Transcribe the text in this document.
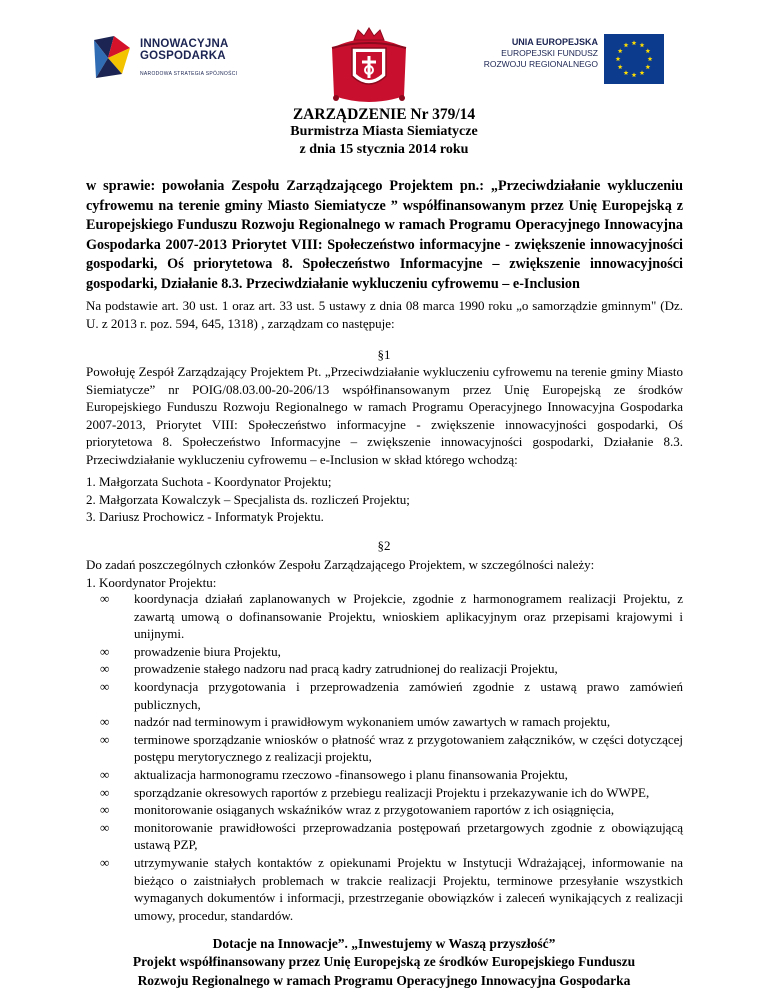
INNOWACYJNA
GOSPODARKA
NARODOWA STRATEGIA SPÓJNOŚCI
UNIA EUROPEJSKA
EUROPEJSKI FUNDUSZ
ROZWOJU REGIONALNEGO
ZARZĄDZENIE Nr 379/14
Burmistrza Miasta Siemiatycze
z dnia 15 stycznia 2014 roku
w sprawie: powołania Zespołu Zarządzającego Projektem pn.: „Przeciwdziałanie wykluczeniu cyfrowemu na terenie gminy Miasto Siemiatycze ” współfinansowanym przez Unię Europejską z Europejskiego Funduszu Rozwoju Regionalnego w ramach Programu Operacyjnego Innowacyjna Gospodarka 2007-2013 Priorytet VIII: Społeczeństwo informacyjne - zwiększenie innowacyjności gospodarki, Oś priorytetowa 8. Społeczeństwo Informacyjne – zwiększenie innowacyjności gospodarki, Działanie 8.3. Przeciwdziałanie wykluczeniu cyfrowemu – e-Inclusion
Na podstawie art. 30 ust. 1 oraz art. 33 ust. 5 ustawy z dnia 08 marca 1990 roku „o samorządzie gminnym" (Dz. U. z 2013 r. poz. 594, 645, 1318) , zarządzam co następuje:
§1
Powołuję Zespół Zarządzający Projektem Pt. „Przeciwdziałanie wykluczeniu cyfrowemu na terenie gminy Miasto Siemiatycze” nr POIG/08.03.00-20-206/13 współfinansowanym przez Unię Europejską ze środków Europejskiego Funduszu Rozwoju Regionalnego w ramach Programu Operacyjnego Innowacyjna Gospodarka 2007-2013, Priorytet VIII: Społeczeństwo informacyjne - zwiększenie innowacyjności gospodarki, Oś priorytetowa 8. Społeczeństwo Informacyjne – zwiększenie innowacyjności gospodarki, Działanie 8.3. Przeciwdziałanie wykluczeniu cyfrowemu – e-Inclusion w skład którego wchodzą:
1. Małgorzata Suchota - Koordynator Projektu;
2. Małgorzata Kowalczyk – Specjalista ds. rozliczeń Projektu;
3. Dariusz Prochowicz - Informatyk Projektu.
§2
Do zadań poszczególnych członków Zespołu Zarządzającego Projektem, w szczególności należy:
1. Koordynator Projektu:
∞ koordynacja działań zaplanowanych w Projekcie, zgodnie z harmonogramem realizacji Projektu, z zawartą umową o dofinansowanie Projektu, wnioskiem aplikacyjnym oraz przepisami krajowymi i unijnymi.
∞ prowadzenie biura Projektu,
∞ prowadzenie stałego nadzoru nad pracą kadry zatrudnionej do realizacji Projektu,
∞ koordynacja przygotowania i przeprowadzenia zamówień zgodnie z ustawą prawo zamówień publicznych,
∞ nadzór nad terminowym i prawidłowym wykonaniem umów zawartych w ramach projektu,
∞ terminowe sporządzanie wniosków o płatność wraz z przygotowaniem załączników, w części dotyczącej postępu merytorycznego z realizacji projektu,
∞ aktualizacja harmonogramu rzeczowo -finansowego i planu finansowania Projektu,
∞ sporządzanie okresowych raportów z przebiegu realizacji Projektu i przekazywanie ich do WWPE,
∞ monitorowanie osiąganych wskaźników wraz z przygotowaniem raportów z ich osiągnięcia,
∞ monitorowanie prawidłowości przeprowadzania postępowań przetargowych zgodnie z obowiązującą ustawą PZP,
∞ utrzymywanie stałych kontaktów z opiekunami Projektu w Instytucji Wdrażającej, informowanie na bieżąco o zaistniałych problemach w trakcie realizacji Projektu, terminowe przesyłanie wszystkich wymaganych dokumentów i informacji, przestrzeganie obowiązków i zaleceń wynikających z realizacji umowy, procedur, standardów.
Dotacje na Innowacje”. „Inwestujemy w Waszą przyszłość”
Projekt współfinansowany przez Unię Europejską ze środków Europejskiego Funduszu
Rozwoju Regionalnego w ramach Programu Operacyjnego Innowacyjna Gospodarka
